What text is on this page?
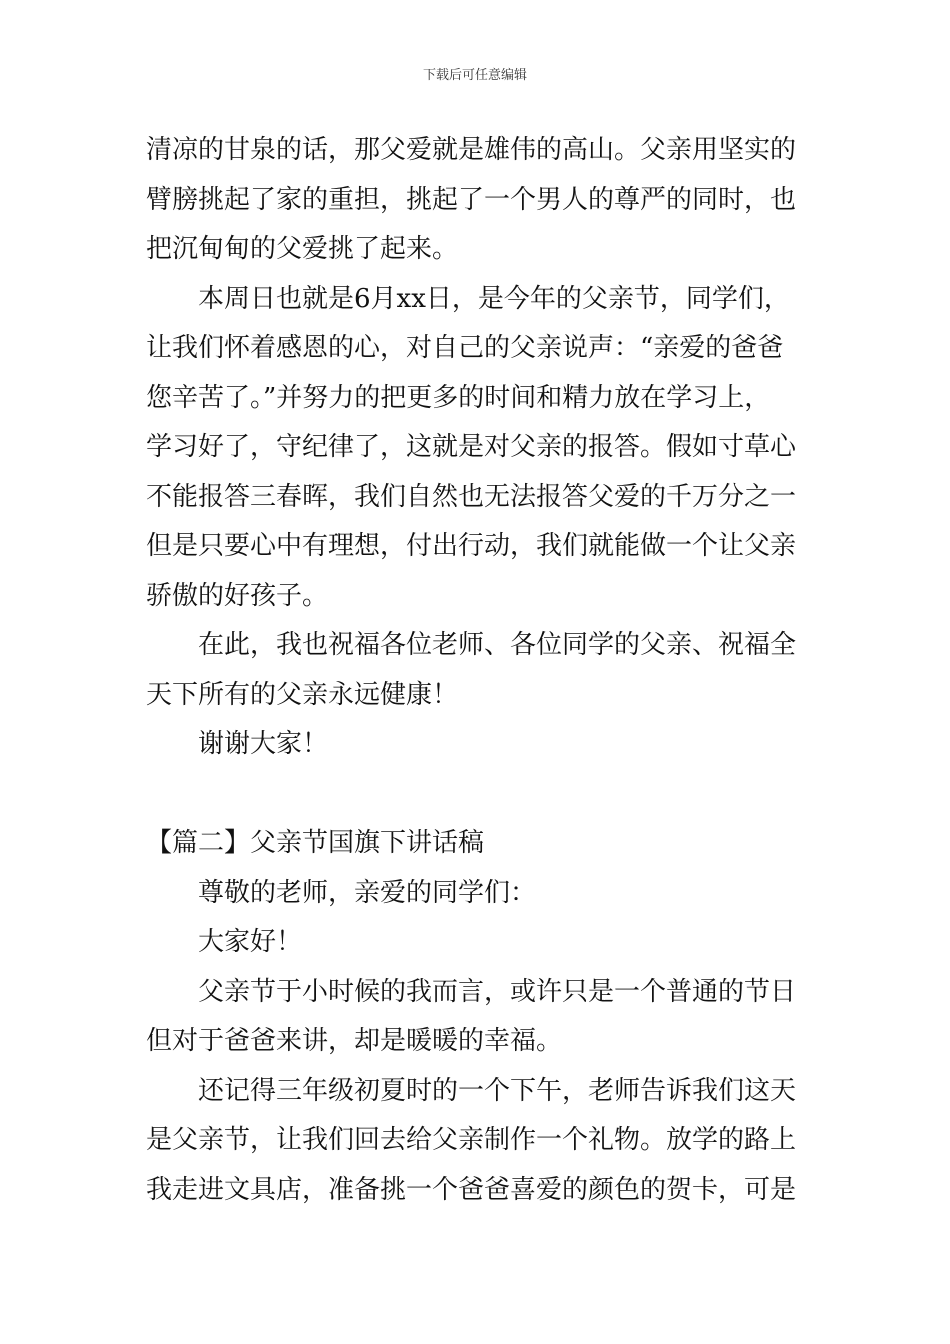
下载后可任意编辑
清凉的甘泉的话，那父爱就是雄伟的高山。父亲用坚实的
臂膀挑起了家的重担，挑起了一个男人的尊严的同时，也
把沉甸甸的父爱挑了起来。
本周日也就是6月xx日，是今年的父亲节，同学们，
让我们怀着感恩的心，对自己的父亲说声：“亲爱的爸爸
您辛苦了。”并努力的把更多的时间和精力放在学习上，
学习好了，守纪律了，这就是对父亲的报答。假如寸草心
不能报答三春晖，我们自然也无法报答父爱的千万分之一
但是只要心中有理想，付出行动，我们就能做一个让父亲
骄傲的好孩子。
在此，我也祝福各位老师、各位同学的父亲、祝福全
天下所有的父亲永远健康！
谢谢大家！
【篇二】父亲节国旗下讲话稿
尊敬的老师，亲爱的同学们：
大家好！
父亲节于小时候的我而言，或许只是一个普通的节日
但对于爸爸来讲，却是暖暖的幸福。
还记得三年级初夏时的一个下午，老师告诉我们这天
是父亲节，让我们回去给父亲制作一个礼物。放学的路上
我走进文具店，准备挑一个爸爸喜爱的颜色的贺卡，可是
